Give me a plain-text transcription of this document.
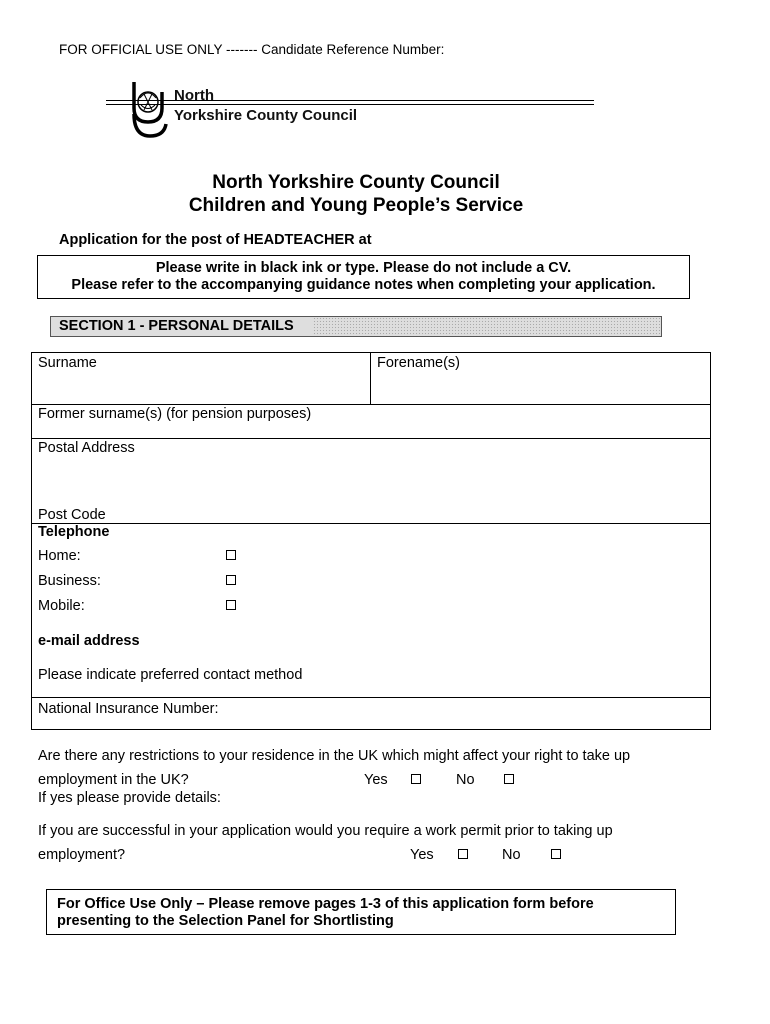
FOR OFFICIAL USE ONLY ------- Candidate Reference Number:
North
Yorkshire County Council
North Yorkshire County Council
Children and Young People’s Service
Application for the post of HEADTEACHER at
Please write in black ink or type. Please do not include a CV.
Please refer to the accompanying guidance notes when completing your application.
SECTION 1 - PERSONAL DETAILS
Surname	Forename(s)
Former surname(s) (for pension purposes)
Postal Address
Post Code
Telephone
Home:
Business:
Mobile:
e-mail address
Please indicate preferred contact method
National Insurance Number:
Are there any restrictions to your residence in the UK which might affect your right to take up
employment in the UK?	Yes	No
If yes please provide details:
If you are successful in your application would you require a work permit prior to taking up
employment?	Yes	No
For Office Use Only – Please remove pages 1-3 of this application form before
presenting to the Selection Panel for Shortlisting
